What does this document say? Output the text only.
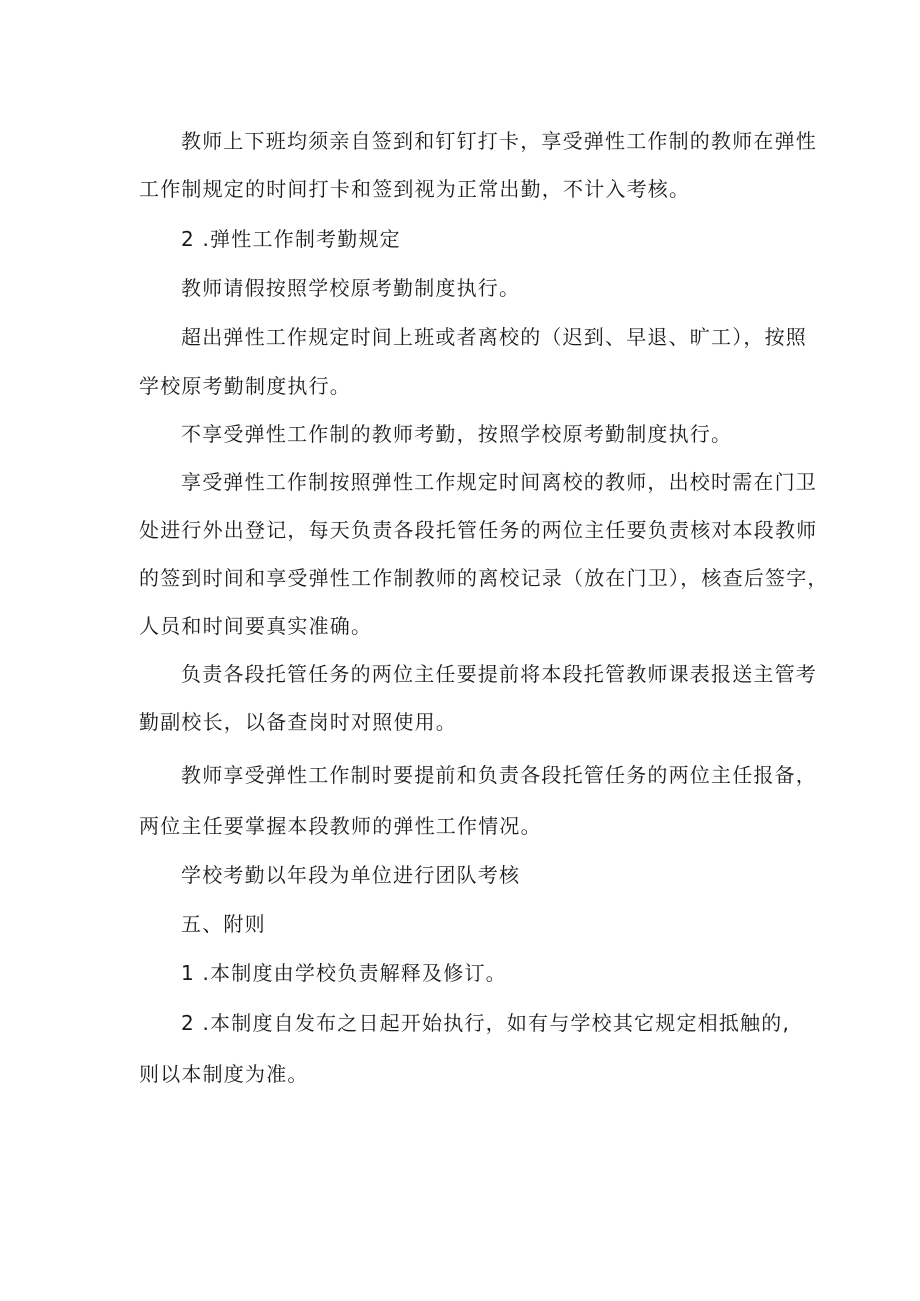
教师上下班均须亲自签到和钉钉打卡，享受弹性工作制的教师在弹性

工作制规定的时间打卡和签到视为正常出勤，不计入考核。

2 .弹性工作制考勤规定

教师请假按照学校原考勤制度执行。

超出弹性工作规定时间上班或者离校的（迟到、早退、旷工），按照

学校原考勤制度执行。

不享受弹性工作制的教师考勤，按照学校原考勤制度执行。

享受弹性工作制按照弹性工作规定时间离校的教师，出校时需在门卫

处进行外出登记，每天负责各段托管任务的两位主任要负责核对本段教师

的签到时间和享受弹性工作制教师的离校记录（放在门卫），核查后签字，

人员和时间要真实准确。

负责各段托管任务的两位主任要提前将本段托管教师课表报送主管考

勤副校长，以备查岗时对照使用。

教师享受弹性工作制时要提前和负责各段托管任务的两位主任报备，

两位主任要掌握本段教师的弹性工作情况。

学校考勤以年段为单位进行团队考核

五、附则

1 .本制度由学校负责解释及修订。

2 .本制度自发布之日起开始执行，如有与学校其它规定相抵触的,

则以本制度为准。
